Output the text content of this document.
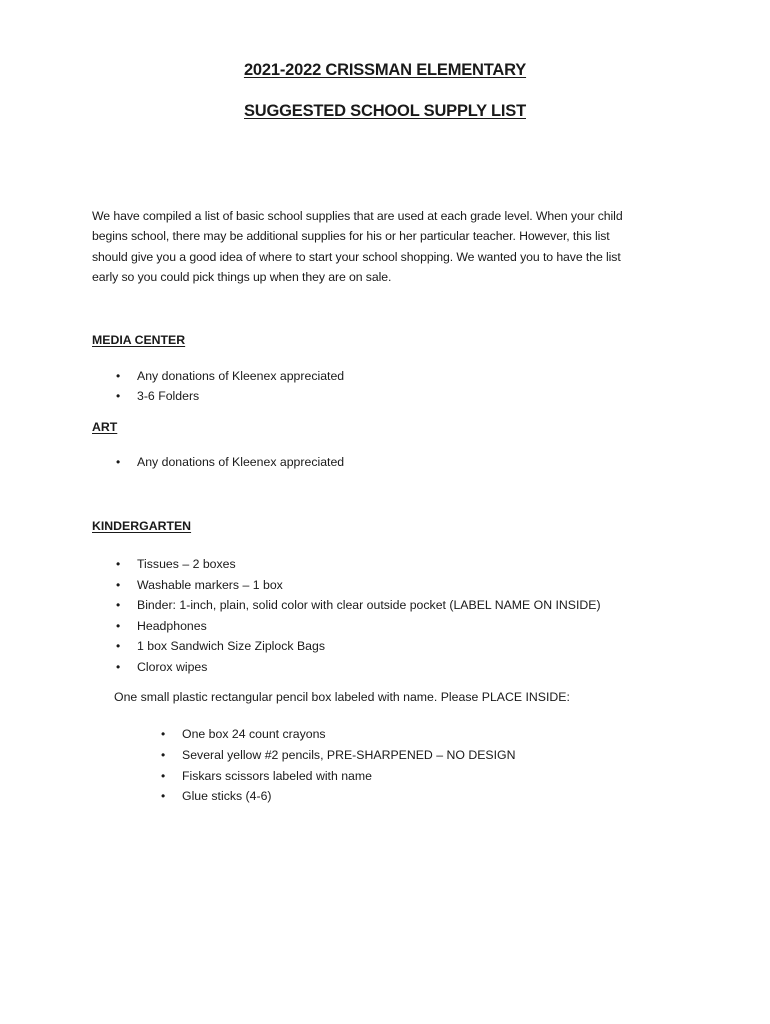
2021-2022 CRISSMAN ELEMENTARY
SUGGESTED SCHOOL SUPPLY LIST

We have compiled a list of basic school supplies that are used at each grade level. When your child
begins school, there may be additional supplies for his or her particular teacher. However, this list
should give you a good idea of where to start your school shopping. We wanted you to have the list
early so you could pick things up when they are on sale.

MEDIA CENTER
• Any donations of Kleenex appreciated
• 3-6 Folders
ART
• Any donations of Kleenex appreciated
KINDERGARTEN
• Tissues – 2 boxes
• Washable markers – 1 box
• Binder: 1-inch, plain, solid color with clear outside pocket (LABEL NAME ON INSIDE)
• Headphones
• 1 box Sandwich Size Ziplock Bags
• Clorox wipes

One small plastic rectangular pencil box labeled with name. Please PLACE INSIDE:

• One box 24 count crayons
• Several yellow #2 pencils, PRE-SHARPENED – NO DESIGN
• Fiskars scissors labeled with name
• Glue sticks (4-6)
